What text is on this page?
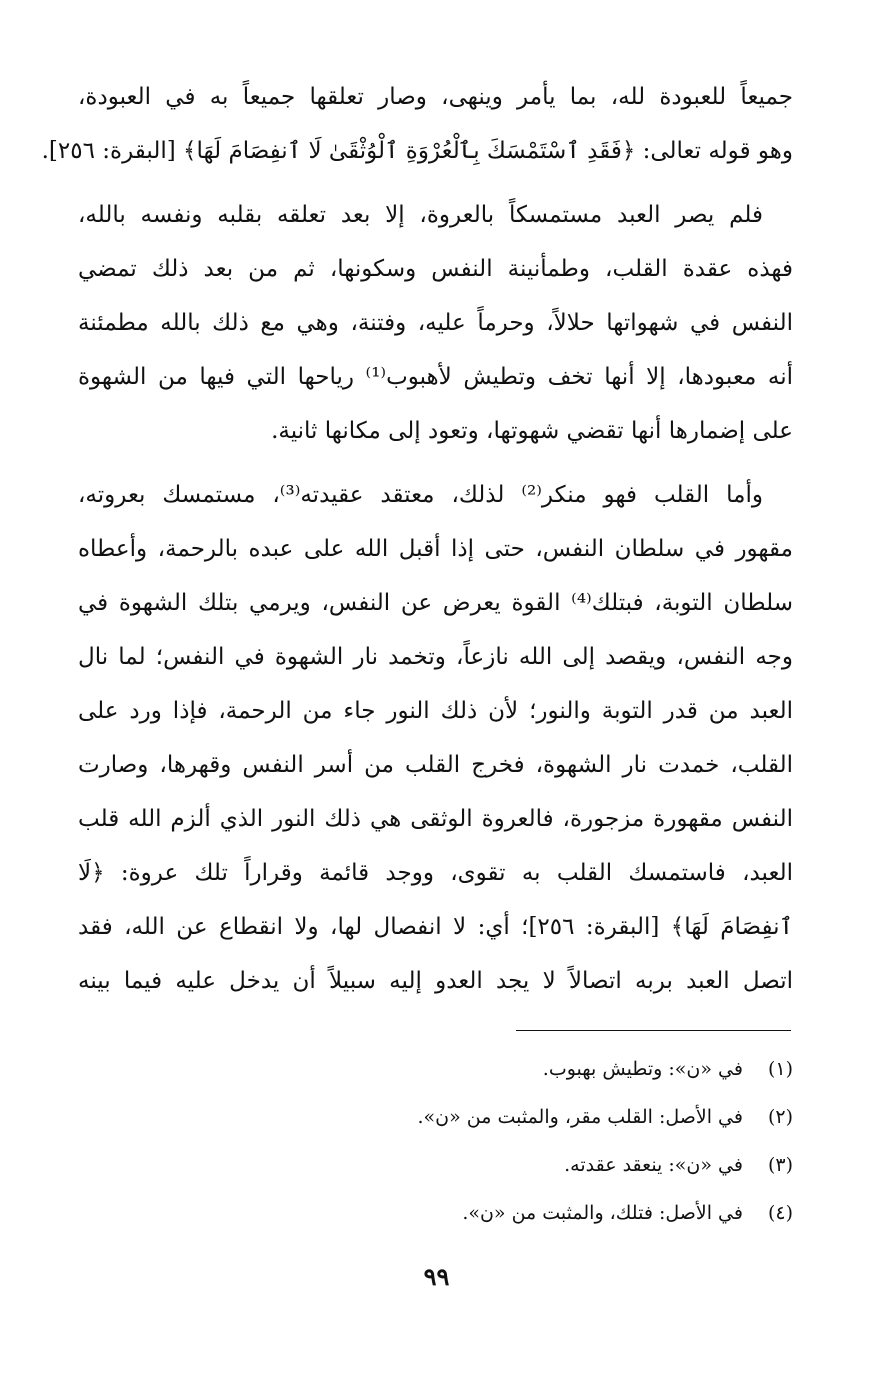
جميعاً للعبودة لله، بما يأمر وينهى، وصار تعلقها جميعاً به في العبودة،
وهو قوله تعالى: ﴿فَقَدِ ٱسْتَمْسَكَ بِٱلْعُرْوَةِ ٱلْوُثْقَىٰ لَا ٱنفِصَامَ لَهَا﴾ [البقرة: ٢٥٦].
فلم يصر العبد مستمسكاً بالعروة، إلا بعد تعلقه بقلبه ونفسه بالله،
فهذه عقدة القلب، وطمأنينة النفس وسكونها، ثم من بعد ذلك تمضي
النفس في شهواتها حلالاً، وحرماً عليه، وفتنة، وهي مع ذلك بالله مطمئنة
أنه معبودها، إلا أنها تخف وتطيش لأهبوب⁽¹⁾ رياحها التي فيها من الشهوة
على إضمارها أنها تقضي شهوتها، وتعود إلى مكانها ثانية.
وأما القلب فهو منكر⁽²⁾ لذلك، معتقد عقيدته⁽³⁾، مستمسك بعروته،
مقهور في سلطان النفس، حتى إذا أقبل الله على عبده بالرحمة، وأعطاه
سلطان التوبة، فبتلك⁽⁴⁾ القوة يعرض عن النفس، ويرمي بتلك الشهوة في
وجه النفس، ويقصد إلى الله نازعاً، وتخمد نار الشهوة في النفس؛ لما نال
العبد من قدر التوبة والنور؛ لأن ذلك النور جاء من الرحمة، فإذا ورد على
القلب، خمدت نار الشهوة، فخرج القلب من أسر النفس وقهرها، وصارت
النفس مقهورة مزجورة، فالعروة الوثقى هي ذلك النور الذي ألزم الله قلب
العبد، فاستمسك القلب به تقوى، ووجد قائمة وقراراً تلك عروة: ﴿لَا
ٱنفِصَامَ لَهَا﴾ [البقرة: ٢٥٦]؛ أي: لا انفصال لها، ولا انقطاع عن الله، فقد
اتصل العبد بربه اتصالاً لا يجد العدو إليه سبيلاً أن يدخل عليه فيما بينه
(١) في «ن»: وتطيش بهبوب.
(٢) في الأصل: القلب مقر، والمثبت من «ن».
(٣) في «ن»: ينعقد عقدته.
(٤) في الأصل: فتلك، والمثبت من «ن».
٩٩
